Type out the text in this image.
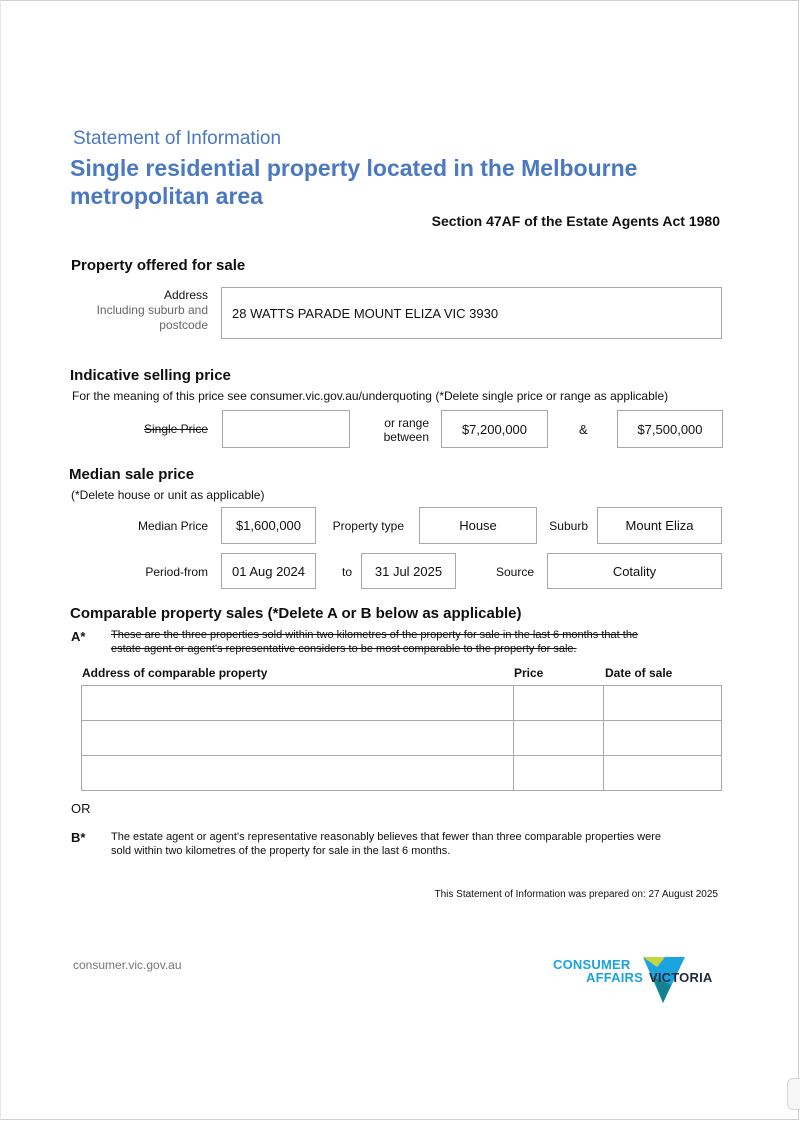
Statement of Information
Single residential property located in the Melbourne
metropolitan area
Section 47AF of the Estate Agents Act 1980
Property offered for sale
Address
Including suburb and
postcode
28 WATTS PARADE MOUNT ELIZA VIC 3930
Indicative selling price
For the meaning of this price see consumer.vic.gov.au/underquoting (*Delete single price or range as applicable)
Single Price	or range
between
$7,200,000	&	$7,500,000
Median sale price
(*Delete house or unit as applicable)
Median Price	$1,600,000	Property type	House	Suburb	Mount Eliza
Period-from	01 Aug 2024	to	31 Jul 2025	Source	Cotality
Comparable property sales (*Delete A or B below as applicable)
A* These are the three properties sold within two kilometres of the property for sale in the last 6 months that the
estate agent or agent's representative considers to be most comparable to the property for sale.
Address of comparable property	Price	Date of sale

OR
B* The estate agent or agent's representative reasonably believes that fewer than three comparable properties were
sold within two kilometres of the property for sale in the last 6 months.
This Statement of Information was prepared on: 27 August 2025
consumer.vic.gov.au	CONSUMER
AFFAIRS VICTORIA
